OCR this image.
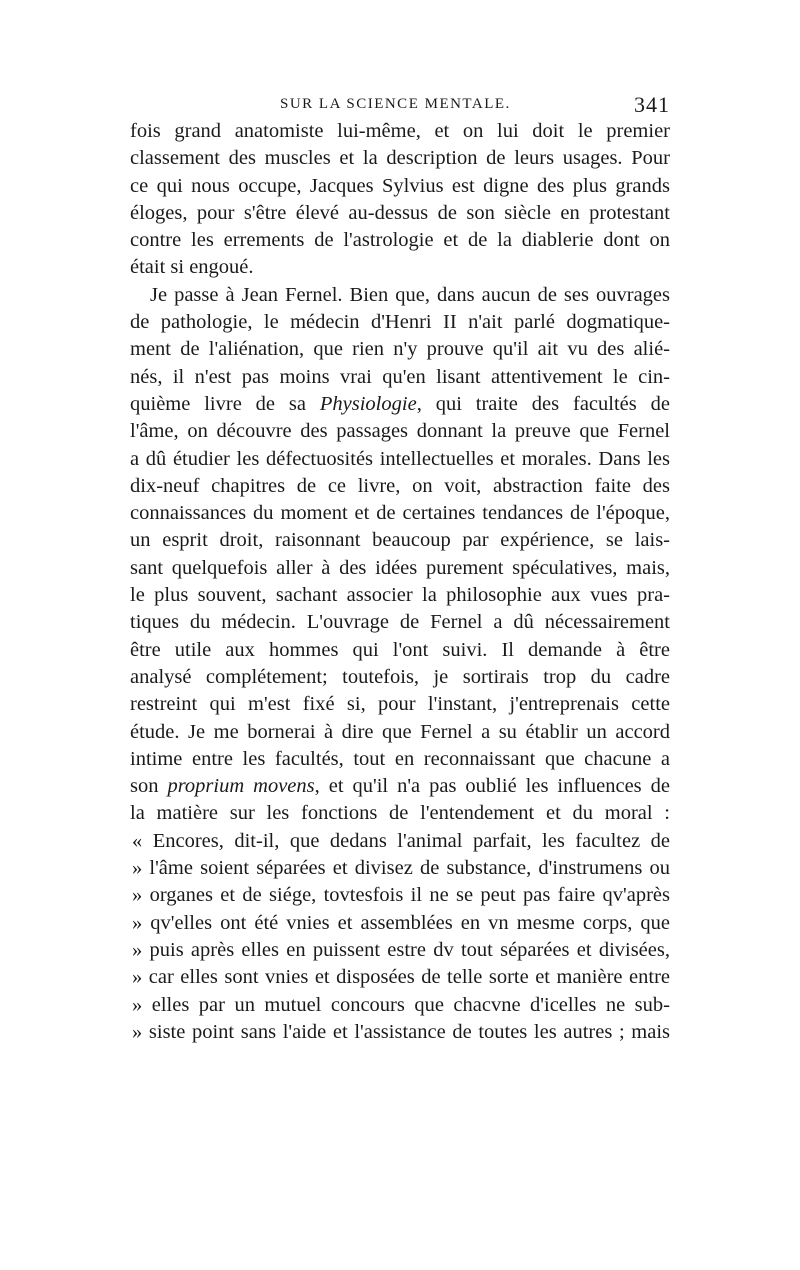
SUR LA SCIENCE MENTALE.	341
fois grand anatomiste lui-même, et on lui doit le premier
classement des muscles et la description de leurs usages. Pour
ce qui nous occupe, Jacques Sylvius est digne des plus grands
éloges, pour s'être élevé au-dessus de son siècle en protestant
contre les errements de l'astrologie et de la diablerie dont on
était si engoué.
Je passe à Jean Fernel. Bien que, dans aucun de ses ouvrages
de pathologie, le médecin d'Henri II n'ait parlé dogmatique-
ment de l'aliénation, que rien n'y prouve qu'il ait vu des alié-
nés, il n'est pas moins vrai qu'en lisant attentivement le cin-
quième livre de sa Physiologie, qui traite des facultés de
l'âme, on découvre des passages donnant la preuve que Fernel
a dû étudier les défectuosités intellectuelles et morales. Dans les
dix-neuf chapitres de ce livre, on voit, abstraction faite des
connaissances du moment et de certaines tendances de l'époque,
un esprit droit, raisonnant beaucoup par expérience, se lais-
sant quelquefois aller à des idées purement spéculatives, mais,
le plus souvent, sachant associer la philosophie aux vues pra-
tiques du médecin. L'ouvrage de Fernel a dû nécessairement
être utile aux hommes qui l'ont suivi. Il demande à être
analysé complétement; toutefois, je sortirais trop du cadre
restreint qui m'est fixé si, pour l'instant, j'entreprenais cette
étude. Je me bornerai à dire que Fernel a su établir un accord
intime entre les facultés, tout en reconnaissant que chacune a
son proprium movens, et qu'il n'a pas oublié les influences de
la matière sur les fonctions de l'entendement et du moral :
« Encores, dit-il, que dedans l'animal parfait, les facultez de
» l'âme soient séparées et divisez de substance, d'instrumens ou
» organes et de siége, tovtesfois il ne se peut pas faire qv'après
» qv'elles ont été vnies et assemblées en vn mesme corps, que
» puis après elles en puissent estre dv tout séparées et divisées,
» car elles sont vnies et disposées de telle sorte et manière entre
» elles par un mutuel concours que chacvne d'icelles ne sub-
» siste point sans l'aide et l'assistance de toutes les autres ; mais
